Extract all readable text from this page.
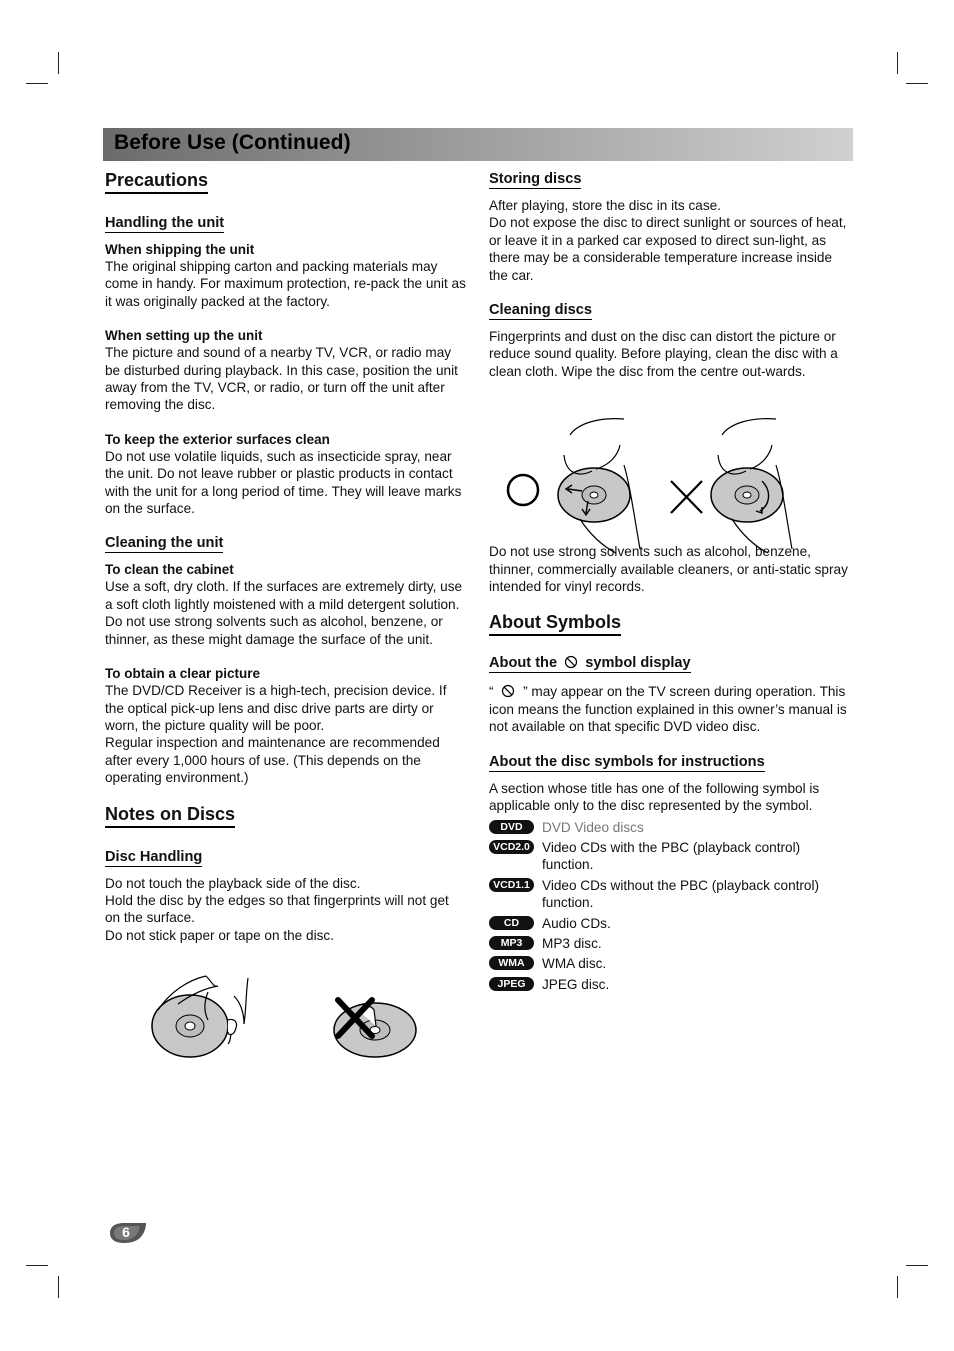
Before Use (Continued)
Precautions
Handling the unit
When shipping the unit

The original shipping carton and packing materials may come in handy. For maximum protection, re-pack the unit as it was originally packed at the factory.

When setting up the unit

The picture and sound of a nearby TV, VCR, or radio may be disturbed during playback. In this case, position the unit away from the TV, VCR, or radio, or turn off the unit after removing the disc.

To keep the exterior surfaces clean

Do not use volatile liquids, such as insecticide spray, near the unit. Do not leave rubber or plastic products in contact with the unit for a long period of time. They will leave marks on the surface.

Cleaning the unit
To clean the cabinet

Use a soft, dry cloth. If the surfaces are extremely dirty, use a soft cloth lightly moistened with a mild detergent solution. Do not use strong solvents such as alcohol, benzene, or thinner, as these might damage the surface of the unit.

To obtain a clear picture

The DVD/CD Receiver is a high-tech, precision device. If the optical pick-up lens and disc drive parts are dirty or worn, the picture quality will be poor.

Regular inspection and maintenance are recommended after every 1,000 hours of use. (This depends on the operating environment.)

Notes on Discs
Disc Handling

Do not touch the playback side of the disc.

Hold the disc by the edges so that fingerprints will not get on the surface.

Do not stick paper or tape on the disc.

Storing discs

After playing, store the disc in its case.

Do not expose the disc to direct sunlight or sources of heat, or leave it in a parked car exposed to direct sun-light, as there may be a considerable temperature increase inside the car.

Cleaning discs

Fingerprints and dust on the disc can distort the picture or reduce sound quality. Before playing, clean the disc with a clean cloth. Wipe the disc from the centre out-wards.

Do not use strong solvents such as alcohol, benzene, thinner, commercially available cleaners, or anti-static spray intended for vinyl records.

About Symbols
About the symbol display

“ ” may appear on the TV screen during operation. This icon means the function explained in this owner’s manual is not available on that specific DVD video disc.

About the disc symbols for instructions

A section whose title has one of the following symbol is applicable only to the disc represented by the symbol.

DVD	DVD Video discs
VCD2.0 Video CDs with the PBC (playback control) function.
VCD1.1 Video CDs without the PBC (playback control) function.
CD	Audio CDs.
MP3	MP3 disc.
WMA	WMA disc.
JPEG	JPEG disc.
6
